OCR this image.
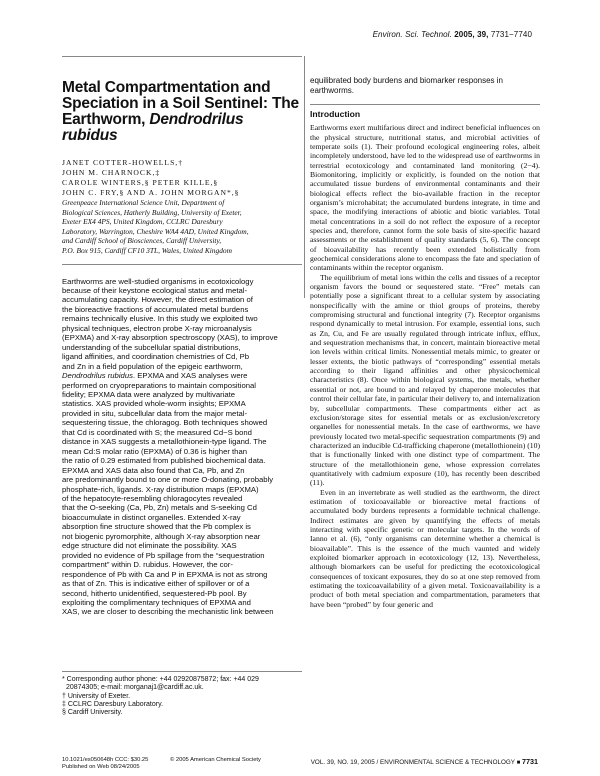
Environ. Sci. Technol. 2005, 39, 7731−7740
Metal Compartmentation and
Speciation in a Soil Sentinel: The
Earthworm, Dendrodrilus rubidus
JANET COTTER-HOWELLS,†
JOHN M. CHARNOCK,‡
CAROLE WINTERS,§ PETER KILLE,§
JOHN C. FRY,§ AND A. JOHN MORGAN*,§
Greenpeace International Science Unit, Department of
Biological Sciences, Hatherly Building, University of Exeter,
Exeter EX4 4PS, United Kingdom, CCLRC Daresbury
Laboratory, Warrington, Cheshire WA4 4AD, United Kingdom,
and Cardiff School of Biosciences, Cardiff University,
P.O. Box 915, Cardiff CF10 3TL, Wales, United Kingdom
Earthworms are well-studied organisms in ecotoxicology
because of their keystone ecological status and metal-
accumulating capacity. However, the direct estimation of
the bioreactive fractions of accumulated metal burdens
remains technically elusive. In this study we exploited two
physical techniques, electron probe X-ray microanalysis
(EPXMA) and X-ray absorption spectroscopy (XAS), to improve
understanding of the subcellular spatial distributions,
ligand affinities, and coordination chemistries of Cd, Pb
and Zn in a field population of the epigeic earthworm,
Dendrodrilus rubidus. EPXMA and XAS analyses were
performed on cryopreparations to maintain compositional
fidelity; EPXMA data were analyzed by multivariate
statistics. XAS provided whole-worm insights; EPXMA
provided in situ, subcellular data from the major metal-
sequestering tissue, the chloragog. Both techniques showed
that Cd is coordinated with S; the measured Cd−S bond
distance in XAS suggests a metallothionein-type ligand. The
mean Cd:S molar ratio (EPXMA) of 0.36 is higher than
the ratio of 0.29 estimated from published biochemical data.
EPXMA and XAS data also found that Ca, Pb, and Zn
are predominantly bound to one or more O-donating, probably
phosphate-rich, ligands. X-ray distribution maps (EPXMA)
of the hepatocyte-resembling chloragocytes revealed
that the O-seeking (Ca, Pb, Zn) metals and S-seeking Cd
bioaccumulate in distinct organelles. Extended X-ray
absorption fine structure showed that the Pb complex is
not biogenic pyromorphite, although X-ray absorption near
edge structure did not eliminate the possibility. XAS
provided no evidence of Pb spillage from the “sequestration
compartment” within D. rubidus. However, the cor-
respondence of Pb with Ca and P in EPXMA is not as strong
as that of Zn. This is indicative either of spillover or of a
second, hitherto unidentified, sequestered-Pb pool. By
exploiting the complimentary techniques of EPXMA and
XAS, we are closer to describing the mechanistic link between
* Corresponding author phone: +44 02920875872; fax: +44 029
20874305; e-mail: morganaj1@cardiff.ac.uk.
† University of Exeter.
‡ CCLRC Daresbury Laboratory.
§ Cardiff University.
equilibrated body burdens and biomarker responses in
earthworms.
Introduction

Earthworms exert multifarious direct and indirect beneficial influences on the physical structure, nutritional status, and microbial activities of temperate soils (1). Their profound ecological engineering roles, albeit incompletely understood, have led to the widespread use of earthworms in terrestrial ecotoxicology and contaminated land monitoring (2−4). Biomonitoring, implicitly or explicitly, is founded on the notion that accumulated tissue burdens of environmental contaminants and their biological effects reflect the bio-available fraction in the receptor organism’s microhabitat; the accumulated burdens integrate, in time and space, the modifying interactions of abiotic and biotic variables. Total metal concentrations in a soil do not reflect the exposure of a receptor species and, therefore, cannot form the sole basis of site-specific hazard assessments or the establishment of quality standards (5, 6). The concept of bioavailability has recently been extended holistically from geochemical considerations alone to encompass the fate and speciation of contaminants within the receptor organism.

The equilibrium of metal ions within the cells and tissues of a receptor organism favors the bound or sequestered state. “Free” metals can potentially pose a significant threat to a cellular system by associating nonspecifically with the amine or thiol groups of proteins, thereby compromising structural and functional integrity (7). Receptor organisms respond dynamically to metal intrusion. For example, essential ions, such as Zn, Cu, and Fe are usually regulated through intricate influx, efflux, and sequestration mechanisms that, in concert, maintain bioreactive metal ion levels within critical limits. Nonessential metals mimic, to greater or lesser extents, the biotic pathways of “corresponding” essential metals according to their ligand affinities and other physicochemical characteristics (8). Once within biological systems, the metals, whether essential or not, are bound to and relayed by chaperone molecules that control their cellular fate, in particular their delivery to, and internalization by, subcellular compartments. These compartments either act as exclusion/storage sites for essential metals or as exclusion/excretory organelles for nonessential metals. In the case of earthworms, we have previously located two metal-specific sequestration compartments (9) and characterized an inducible Cd-trafficking chaperone (metallothionein) (10) that is functionally linked with one distinct type of compartment. The structure of the metallothionein gene, whose expression correlates quantitatively with cadmium exposure (10), has recently been described (11).

Even in an invertebrate as well studied as the earthworm, the direct estimation of toxicoavailable or bioreactive metal fractions of accumulated body burdens represents a formidable technical challenge. Indirect estimates are given by quantifying the effects of metals interacting with specific genetic or molecular targets. In the words of Ianno et al. (6), “only organisms can determine whether a chemical is bioavailable”. This is the essence of the much vaunted and widely exploited biomarker approach in ecotoxicology (12, 13). Nevertheless, although biomarkers can be useful for predicting the ecotoxicological consequences of toxicant exposures, they do so at one step removed from estimating the toxicoavailability of a given metal. Toxicoavailability is a product of both metal speciation and compartmentation, parameters that have been “probed” by four generic and

10.1021/es050648h CCC: $30.25
Published on Web 08/24/2005
© 2005 American Chemical Society	VOL. 39, NO. 19, 2005 / ENVIRONMENTAL SCIENCE & TECHNOLOGY ■ 7731
